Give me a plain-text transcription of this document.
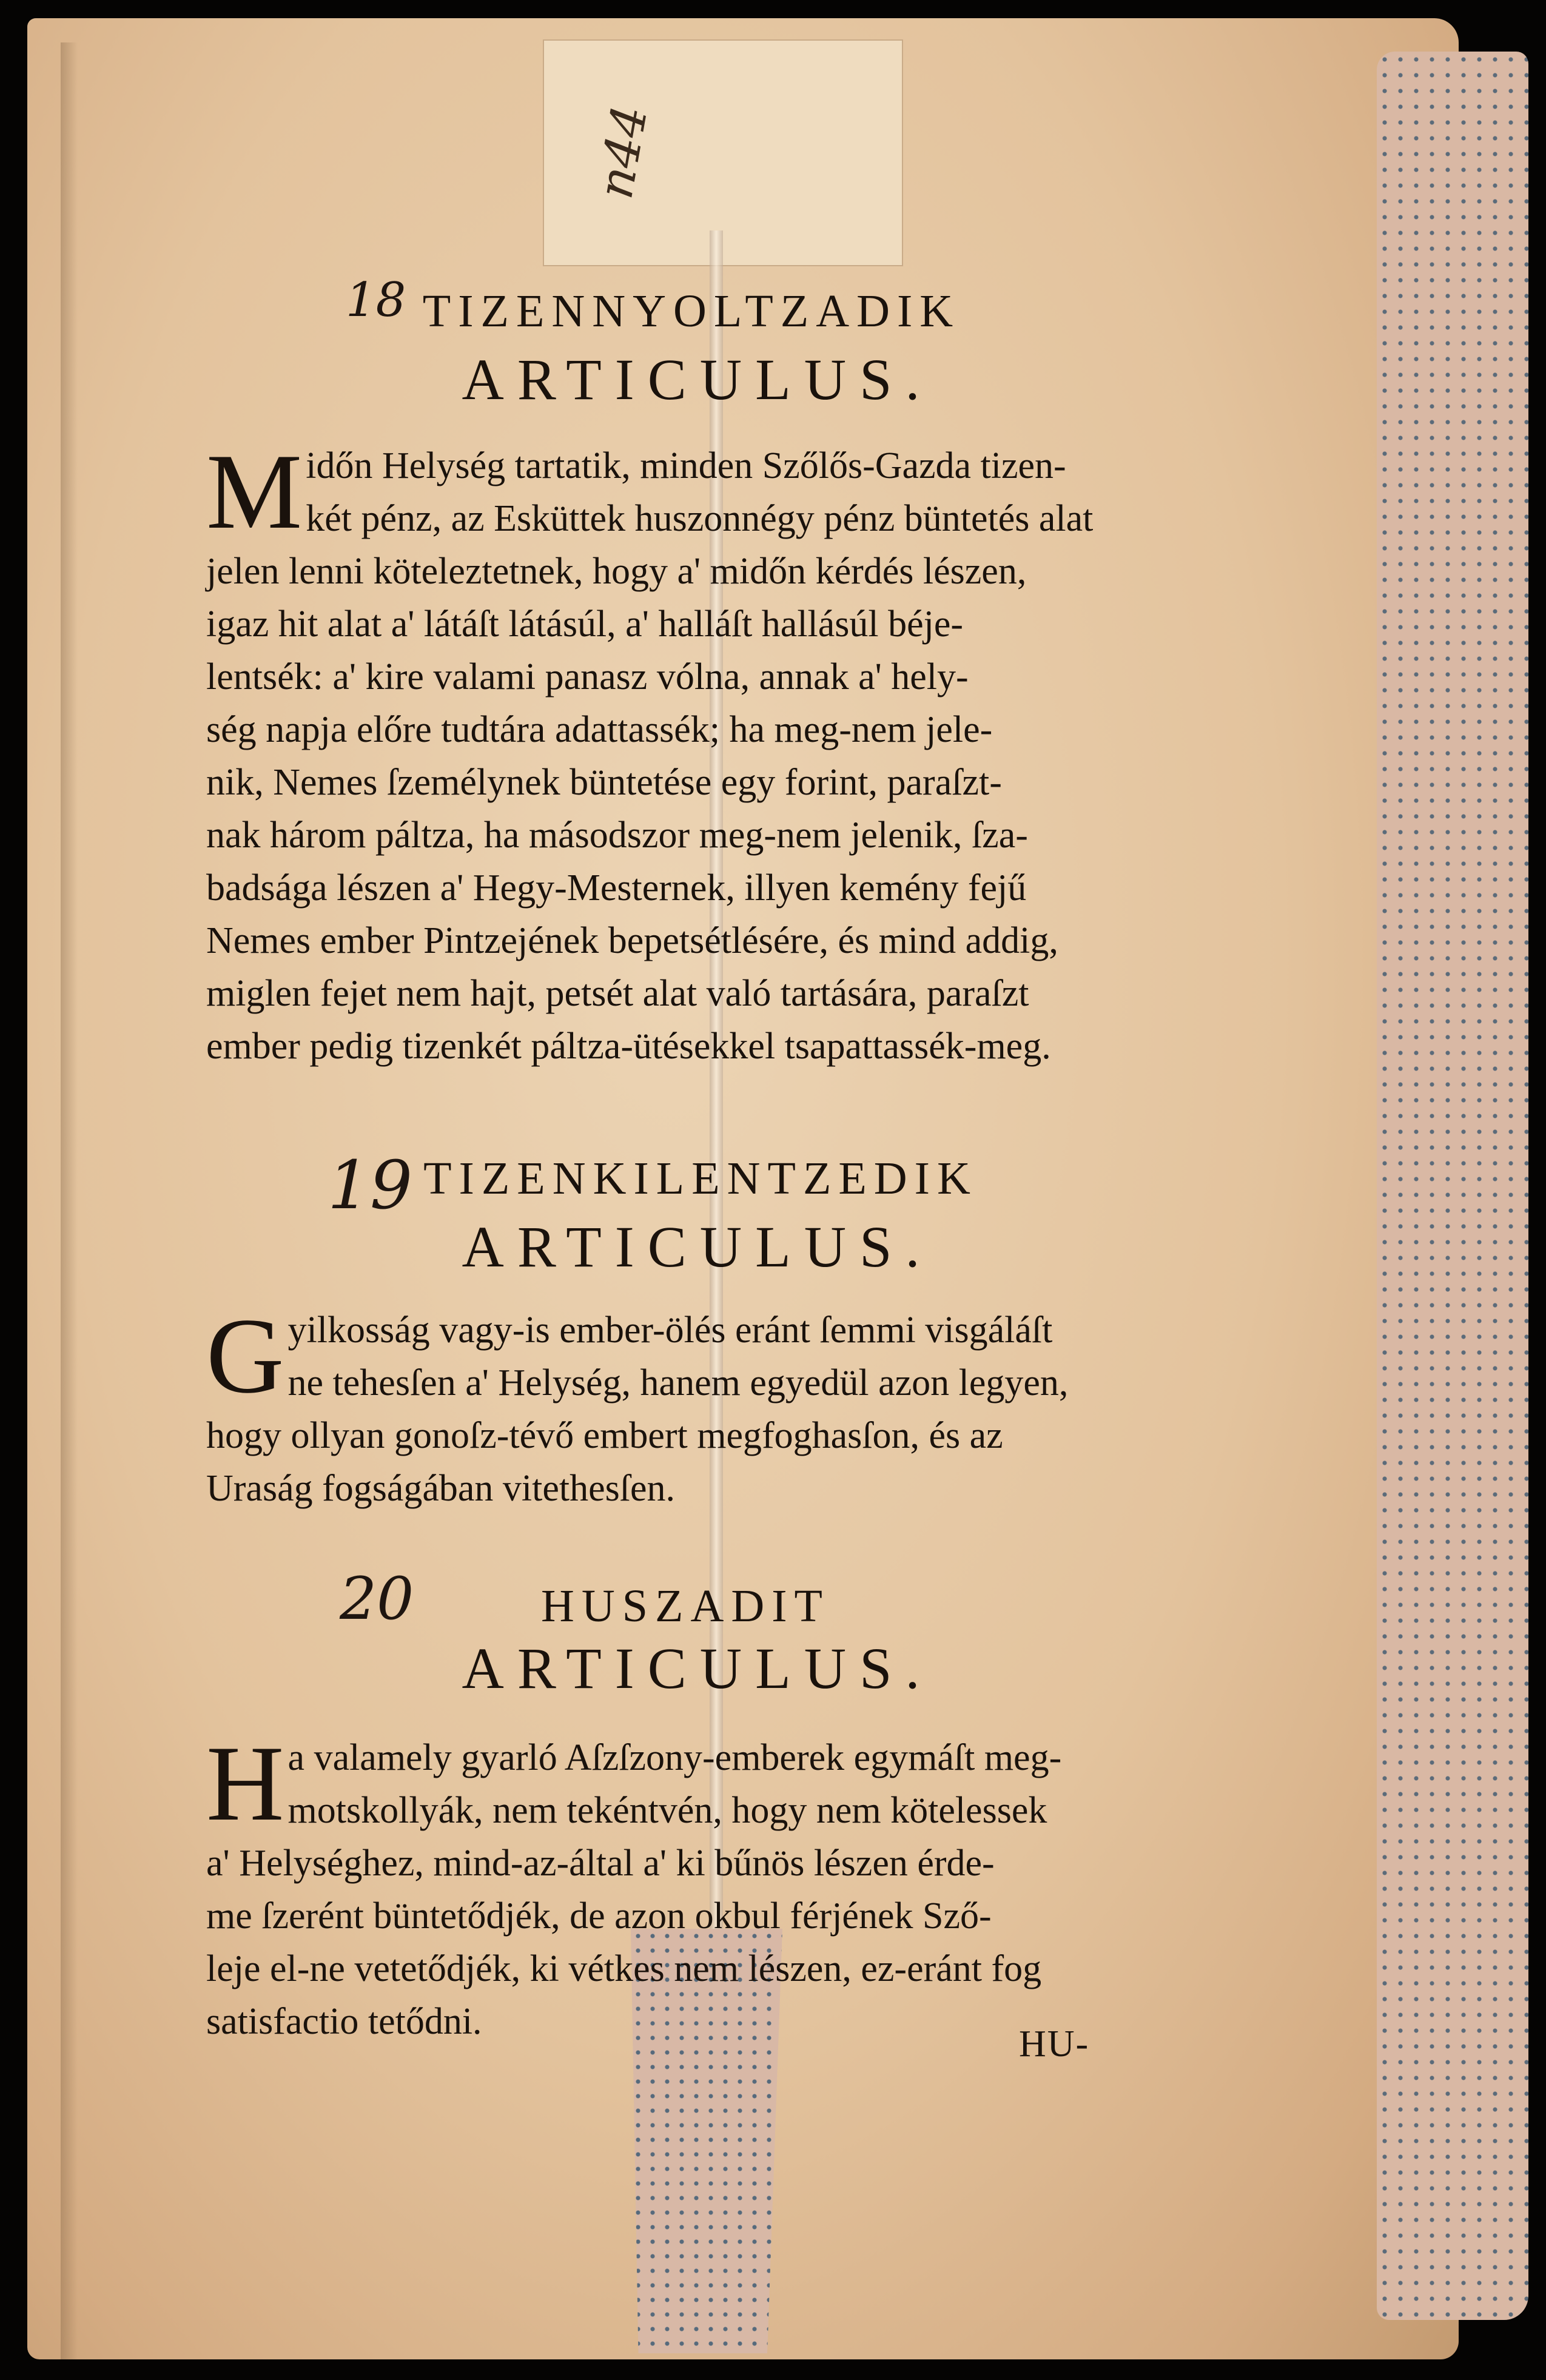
n44
18 TIZENNYOLTZADIK
ARTICULUS.
M időn Helység tartatik, minden Szőlős-Gazda tizen-
két pénz, az Esküttek huszonnégy pénz büntetés alat
jelen lenni köteleztetnek, hogy a' midőn kérdés lészen,
igaz hit alat a' látáſt látásúl, a' halláſt hallásúl béje-
lentsék: a' kire valami panasz vólna, annak a' hely-
ség napja előre tudtára adattassék; ha meg-nem jele-
nik, Nemes ſzemélynek büntetése egy forint, paraſzt-
nak három páltza, ha másodszor meg-nem jelenik, ſza-
badsága lészen a' Hegy-Mesternek, illyen kemény fejű
Nemes ember Pintzejének bepetsétlésére, és mind addig,
miglen fejet nem hajt, petsét alat való tartására, paraſzt
ember pedig tizenkét páltza-ütésekkel tsapattassék-meg.
19 TIZENKILENTZEDIK
ARTICULUS.
G yilkosság vagy-is ember-ölés eránt ſemmi visgáláſt
ne tehesſen a' Helység, hanem egyedül azon legyen,
hogy ollyan gonoſz-tévő embert megfoghasſon, és az
Uraság fogságában vitethesſen.
20	HUSZADIT
ARTICULUS.
H a valamely gyarló Aſzſzony-emberek egymáſt meg-
motskollyák, nem tekéntvén, hogy nem kötelessek
a' Helységhez, mind-az-által a' ki bűnös lészen érde-
me ſzerént büntetődjék, de azon okbul férjének Sző-
leje el-ne vetetődjék, ki vétkes nem lészen, ez-eránt fog
satisfactio tetődni.
HU-
